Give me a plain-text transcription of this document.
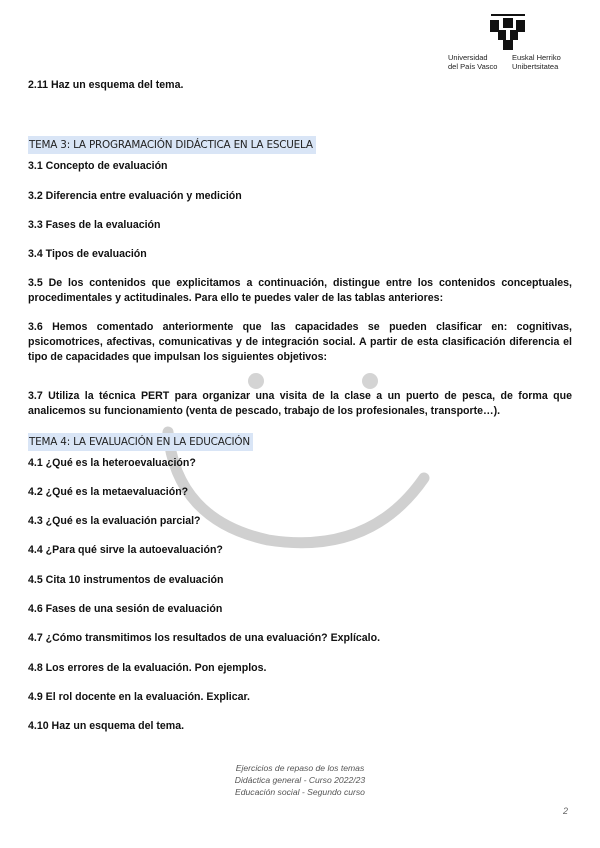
Universidad
del País Vasco
Euskal Herriko
Unibertsitatea
2.11 Haz un esquema del tema.
TEMA 3: LA PROGRAMACIÓN DIDÁCTICA EN LA ESCUELA
3.1 Concepto de evaluación
3.2 Diferencia entre evaluación y medición
3.3 Fases de la evaluación
3.4 Tipos de evaluación
3.5 De los contenidos que explicitamos a continuación, distingue entre los contenidos conceptuales, procedimentales y actitudinales. Para ello te puedes valer de las tablas anteriores:
3.6 Hemos comentado anteriormente que las capacidades se pueden clasificar en: cognitivas, psicomotrices, afectivas, comunicativas y de integración social. A partir de esta clasificación diferencia el tipo de capacidades que impulsan los siguientes objetivos:
3.7 Utiliza la técnica PERT para organizar una visita de la clase a un puerto de pesca, de forma que analicemos su funcionamiento (venta de pescado, trabajo de los profesionales, transporte…).
TEMA 4: LA EVALUACIÓN EN LA EDUCACIÓN
4.1 ¿Qué es la heteroevaluación?
4.2 ¿Qué es la metaevaluación?
4.3 ¿Qué es la evaluación parcial?
4.4 ¿Para qué sirve la autoevaluación?
4.5 Cita 10 instrumentos de evaluación
4.6 Fases de una sesión de evaluación
4.7 ¿Cómo transmitimos los resultados de una evaluación? Explícalo.
4.8 Los errores de la evaluación. Pon ejemplos.
4.9 El rol docente en la evaluación. Explicar.
4.10 Haz un esquema del tema.
Ejercicios de repaso de los temas
Didáctica general - Curso 2022/23
Educación social - Segundo curso
2
